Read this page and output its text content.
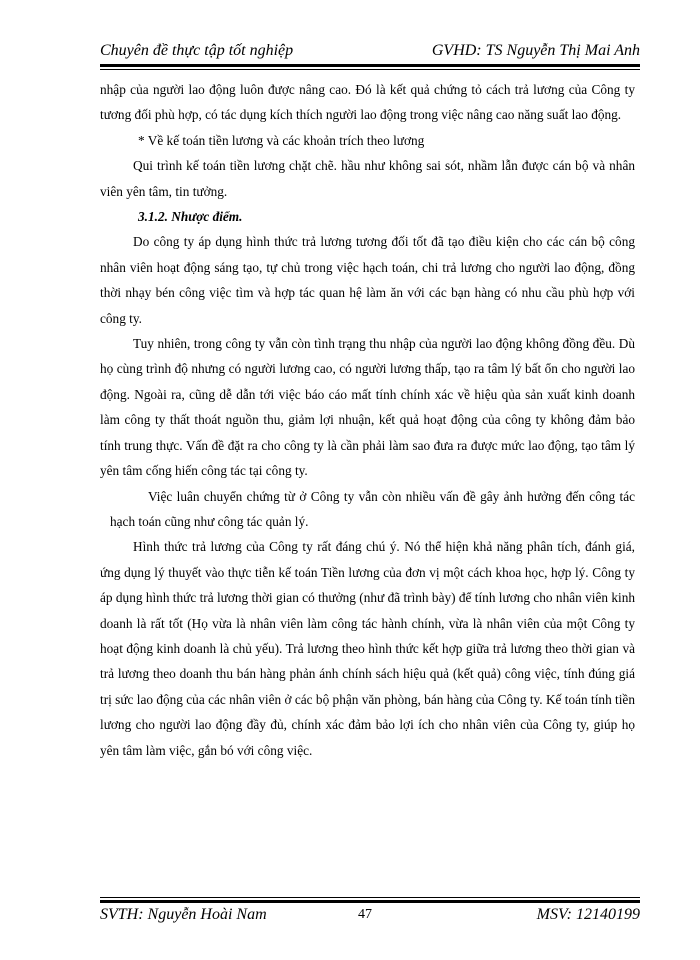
Chuyên đề thực tập tốt nghiệp	GVHD: TS Nguyễn Thị Mai Anh

nhập của người lao động luôn được nâng cao. Đó là kết quả chứng tỏ cách trả lương của Công ty tương đối phù hợp, có tác dụng kích thích người lao động trong việc nâng cao năng suất lao động.

* Về kế toán tiền lương và các khoản trích theo lương

Qui trình kế toán tiền lương chặt chẽ. hầu như không sai sót, nhầm lẫn được cán bộ và nhân viên yên tâm, tin tưởng.

3.1.2. Nhược điểm.

Do công ty áp dụng hình thức trả lương tương đối tốt đã tạo điều kiện cho các cán bộ công nhân viên hoạt động sáng tạo, tự chủ trong việc hạch toán, chi trả lương cho người lao động, đồng thời nhạy bén công việc tìm và hợp tác quan hệ làm ăn với các bạn hàng có nhu cầu phù hợp với công ty.

Tuy nhiên, trong công ty vẫn còn tình trạng thu nhập của người lao động không đồng đều. Dù họ cùng trình độ nhưng có người lương cao, có người lương thấp, tạo ra tâm lý bất ổn cho người lao động. Ngoài ra, cũng dễ dẫn tới việc báo cáo mất tính chính xác về hiệu qủa sản xuất kinh doanh làm công ty thất thoát nguồn thu, giảm lợi nhuận, kết quả hoạt động của công ty không đảm bảo tính trung thực. Vấn đề đặt ra cho công ty là cần phải làm sao đưa ra được mức lao động, tạo tâm lý yên tâm cống hiến công tác tại công ty.

Việc luân chuyển chứng từ ở Công ty vẫn còn nhiều vấn đề gây ảnh hưởng đến công tác hạch toán cũng như công tác quản lý.

Hình thức trả lương của Công ty rất đáng chú ý. Nó thể hiện khả năng phân tích, đánh giá, ứng dụng lý thuyết vào thực tiễn kế toán Tiền lương của đơn vị một cách khoa học, hợp lý. Công ty áp dụng hình thức trả lương thời gian có thưởng (như đã trình bày) để tính lương cho nhân viên kinh doanh là rất tốt (Họ vừa là nhân viên làm công tác hành chính, vừa là nhân viên của một Công ty hoạt động kinh doanh là chủ yếu). Trả lương theo hình thức kết hợp giữa trả lương theo thời gian và trả lương theo doanh thu bán hàng phản ánh chính sách hiệu quả (kết quả) công việc, tính đúng giá trị sức lao động của các nhân viên ở các bộ phận văn phòng, bán hàng của Công ty. Kế toán tính tiền lương cho người lao động đầy đủ, chính xác đảm bảo lợi ích cho nhân viên của Công ty, giúp họ yên tâm làm việc, gắn bó với công việc.

SVTH: Nguyễn Hoài Nam	47	MSV: 12140199
